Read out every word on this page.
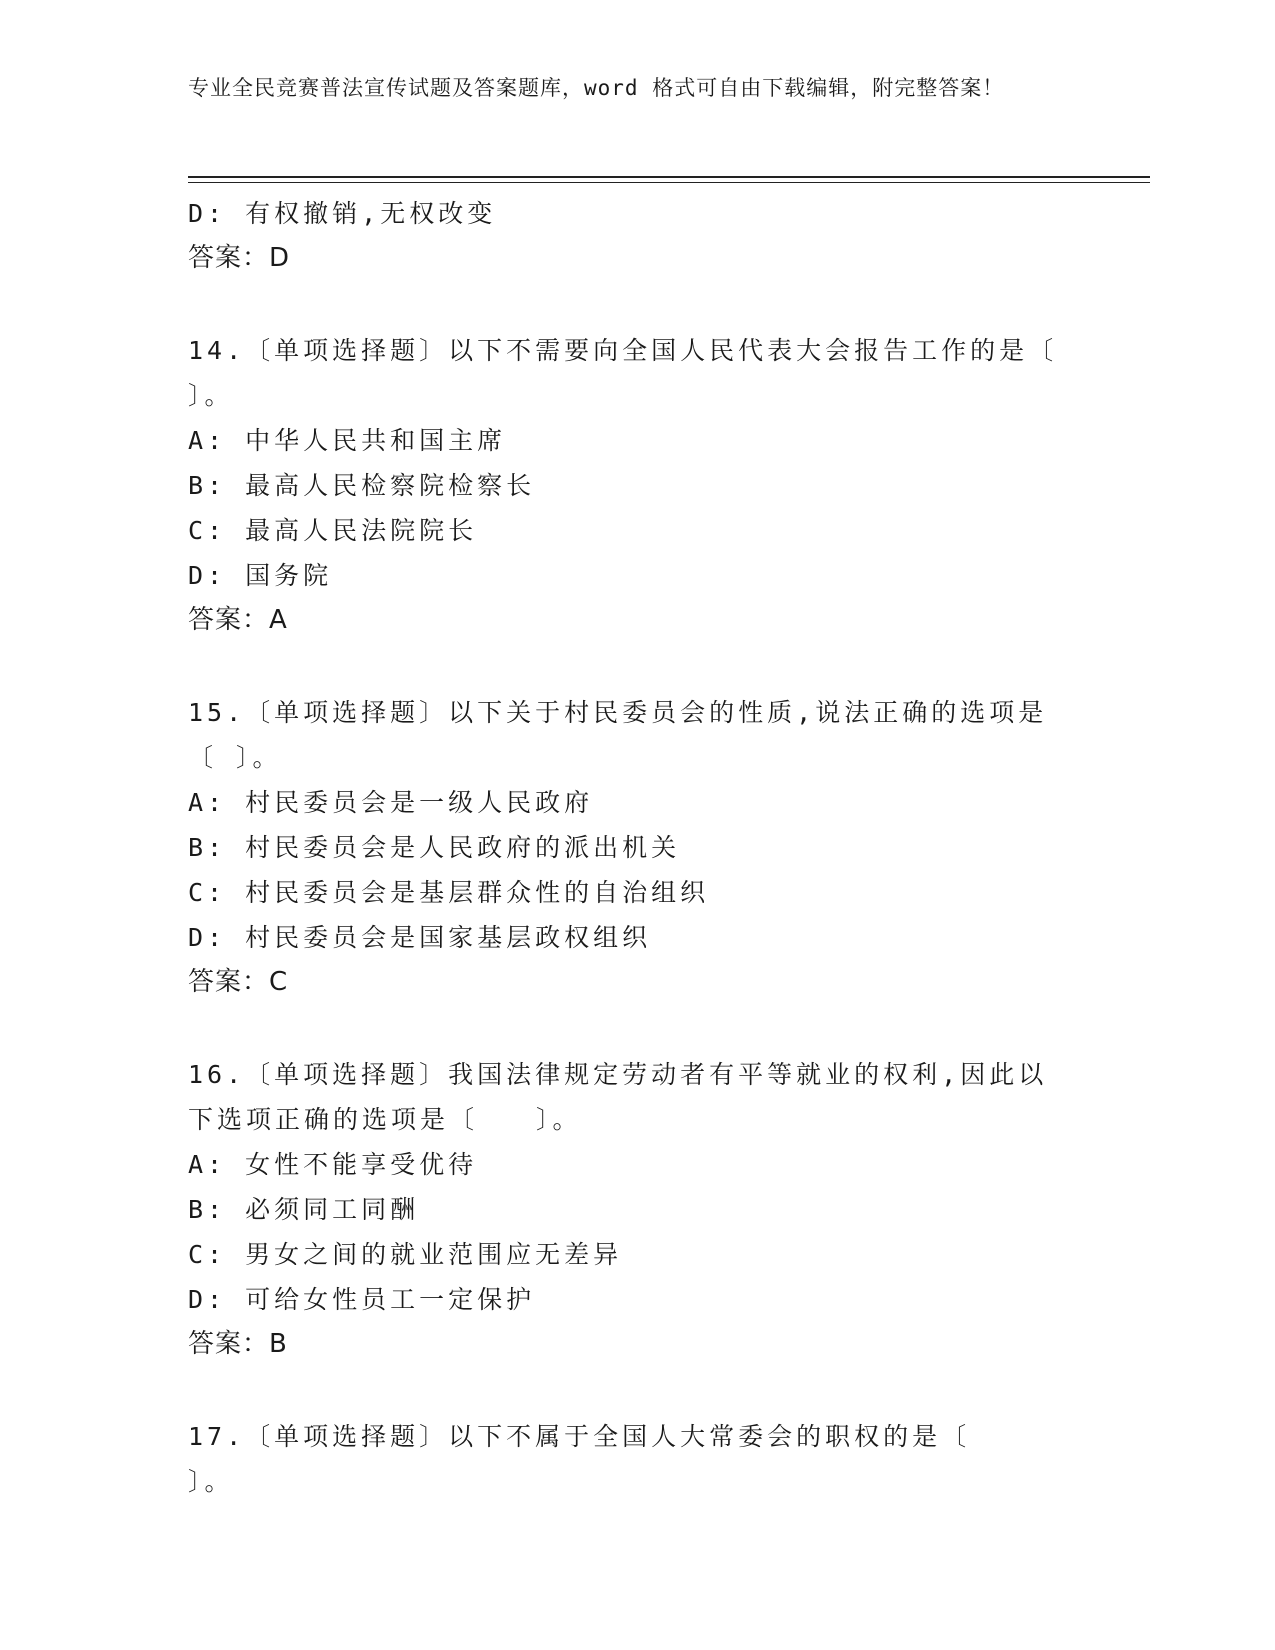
专业全民竞赛普法宣传试题及答案题库，word 格式可自由下载编辑，附完整答案！
D: 有权撤销,无权改变
答案：D
14.〔单项选择题〕以下不需要向全国人民代表大会报告工作的是〔 〕。
A: 中华人民共和国主席
B: 最高人民检察院检察长
C: 最高人民法院院长
D: 国务院
答案：A
15.〔单项选择题〕以下关于村民委员会的性质,说法正确的选项是〔 〕。
A: 村民委员会是一级人民政府
B: 村民委员会是人民政府的派出机关
C: 村民委员会是基层群众性的自治组织
D: 村民委员会是国家基层政权组织
答案：C
16.〔单项选择题〕我国法律规定劳动者有平等就业的权利,因此以下选项正确的选项是〔　　〕。
A: 女性不能享受优待
B: 必须同工同酬
C: 男女之间的就业范围应无差异
D: 可给女性员工一定保护
答案：B
17.〔单项选择题〕以下不属于全国人大常委会的职权的是〔　　〕。
